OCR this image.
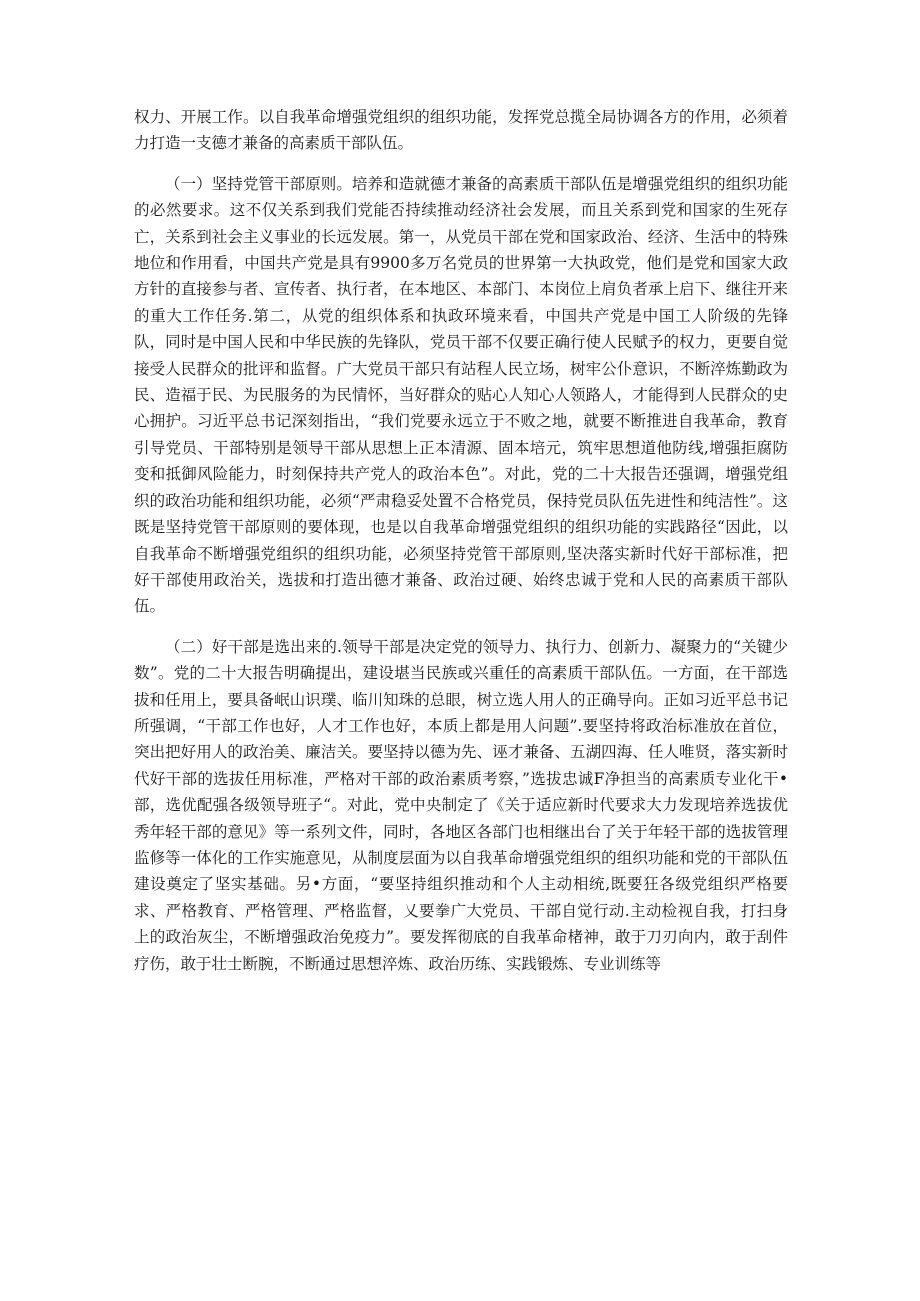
权力、开展工作。以自我革命增强党组织的组织功能，发挥党总揽全局协调各方的作用，必须着力打造一支德才兼备的高素质干部队伍。

（一）坚持党管干部原则。培养和造就德才兼备的高素质干部队伍是增强党组织的组织功能的必然要求。这不仅关系到我们党能否持续推动经济社会发展，而且关系到党和国家的生死存亡，关系到社会主义事业的长远发展。第一，从党员干部在党和国家政治、经济、生活中的特殊地位和作用看，中国共产党是具有9900多万名党员的世界第一大执政党，他们是党和国家大政方针的直接参与者、宣传者、执行者，在本地区、本部门、本岗位上肩负者承上启下、继往开来的重大工作任务.第二，从党的组织体系和执政环境来看，中国共产党是中国工人阶级的先锋队，同时是中国人民和中华民族的先锋队，党员干部不仅要正确行使人民赋予的权力，更要自觉接受人民群众的批评和监督。广大党员干部只有站程人民立场，树牢公仆意识，不断淬炼勤政为民、造福于民、为民服务的为民情怀，当好群众的贴心人知心人领路人，才能得到人民群众的史心拥护。习近平总书记深刻指出，“我们党要永远立于不败之地，就要不断推进自我革命，教育引导党员、干部特别是领导干部从思想上正本清源、固本培元，筑牢思想道他防线,增强拒腐防变和抵御风险能力，时刻保持共产党人的政治本色”。对此，党的二十大报告还强调，增强党组织的政治功能和组织功能，必须“严肃稳妥处置不合格党员，保持党员队伍先进性和纯洁性”。这既是坚持党管干部原则的要体现，也是以自我革命增强党组织的组织功能的实践路径“因此，以自我革命不断增强党组织的组织功能，必须坚持党管干部原则,坚决落实新时代好干部标准，把好干部使用政治关，选拔和打造出德才兼备、政治过硬、始终忠诚于党和人民的高素质干部队伍。

（二）好干部是选出来的.领导干部是决定党的领导力、执行力、创新力、凝聚力的“关键少数”。党的二十大报告明确提出，建设堪当民族或兴重任的高素质干部队伍。一方面，在干部选拔和任用上，要具备岷山识璞、临川知珠的总眼，树立选人用人的正确导向。正如习近平总书记所强调，“干部工作也好，人才工作也好，本质上都是用人问题”.要坚持将政治标准放在首位，突出把好用人的政治美、廉洁关。要坚持以德为先、诬才兼备、五湖四海、任人唯贤，落实新时代好干部的选拔任用标准，严格对干部的政治素质考察，”选拔忠诚F净担当的高素质专业化干•部，选优配强各级领导班子“。对此，党中央制定了《关于适应新时代要求大力发现培养选拔优秀年轻干部的意见》等一系列文件，同时，各地区各部门也相继出台了关于年轻干部的选拔管理监修等一体化的工作实施意见，从制度层面为以自我革命增强党组织的组织功能和党的干部队伍建设奠定了坚实基础。另•方面，“要坚持组织推动和个人主动相统,既要狂各级党组织严格要求、严格教育、严格管理、严格监督，乂要拳广大党员、干部自觉行动.主动检视自我，打扫身上的政治灰尘，不断增强政治免疫力”。要发挥彻底的自我革命楮神，敢于刀刃向内，敢于刮件疗伤，敢于壮士断腕，不断通过思想淬炼、政治历练、实践锻炼、专业训练等
